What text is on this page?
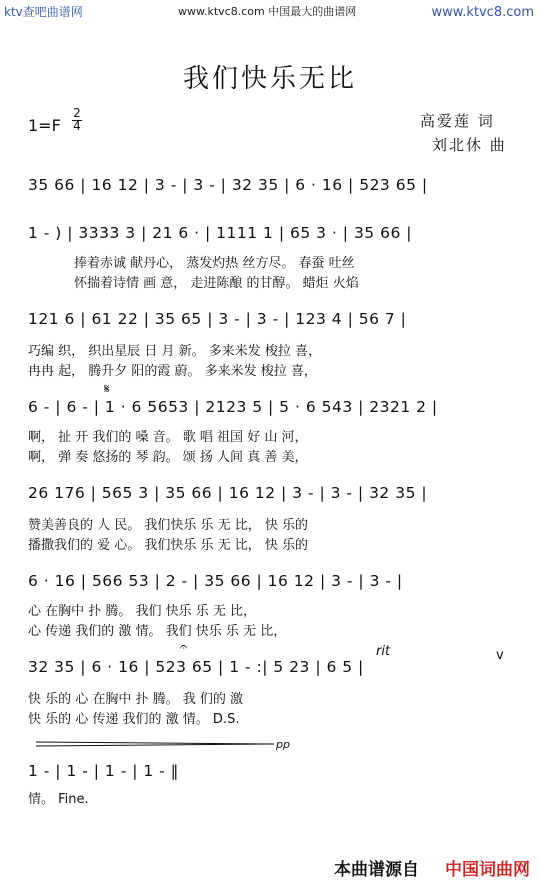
ktv查吧曲谱网	www.ktvc8.com 中国最大的曲谱网	www.ktvc8.com
我们快乐无比
1=F
2
4	高爱莲 词
刘北休 曲
35 66 | 16 12 | 3 - | 3 - | 32 35 | 6 · 16 | 523 65 |
1 - ) | 3333 3 | 21 6 · | 1111 1 | 65 3 · | 35 66 |
捧着赤诚 献丹心， 蒸发灼热 丝方尽。 春蚕 吐丝
怀揣着诗情 画 意， 走进陈酿 的甘醇。 蜡炬 火焰
121 6 | 61 22 | 35 65 | 3 - | 3 - | 123 4 | 56 7 |
巧编 织， 织出星辰 日 月 新。 多来米发 梭拉 喜，
冉冉 起， 腾升夕 阳的霞 蔚。 多来米发 梭拉 喜，
𝄋
6 - | 6 - | 1 · 6 5653 | 2123 5 | 5 · 6 543 | 2321 2 |
啊， 扯 开 我们的 嗓 音。 歌 唱 祖国 好 山 河，
啊， 弹 奏 悠扬的 琴 韵。 颂 扬 人间 真 善 美，
26 176 | 565 3 | 35 66 | 16 12 | 3 - | 3 - | 32 35 |
赞美善良的 人 民。 我们快乐 乐 无 比， 快 乐的
播撒我们的 爱 心。 我们快乐 乐 无 比， 快 乐的
6 · 16 | 566 53 | 2 - | 35 66 | 16 12 | 3 - | 3 - |
心 在胸中 扑 腾。 我们 快乐 乐 无 比，
心 传递 我们的 激 情。 我们 快乐 乐 无 比，
𝄐	rit	v
32 35 | 6 · 16 | 523 65 | 1 - :| 5 23 | 6 5 |
快 乐的 心 在胸中 扑 腾。 我 们的 激
快 乐的 心 传递 我们的 激 情。 D.S.
pp
1 - | 1 - | 1 - | 1 - ‖
情。 Fine.
本曲谱源自 中国词曲网
